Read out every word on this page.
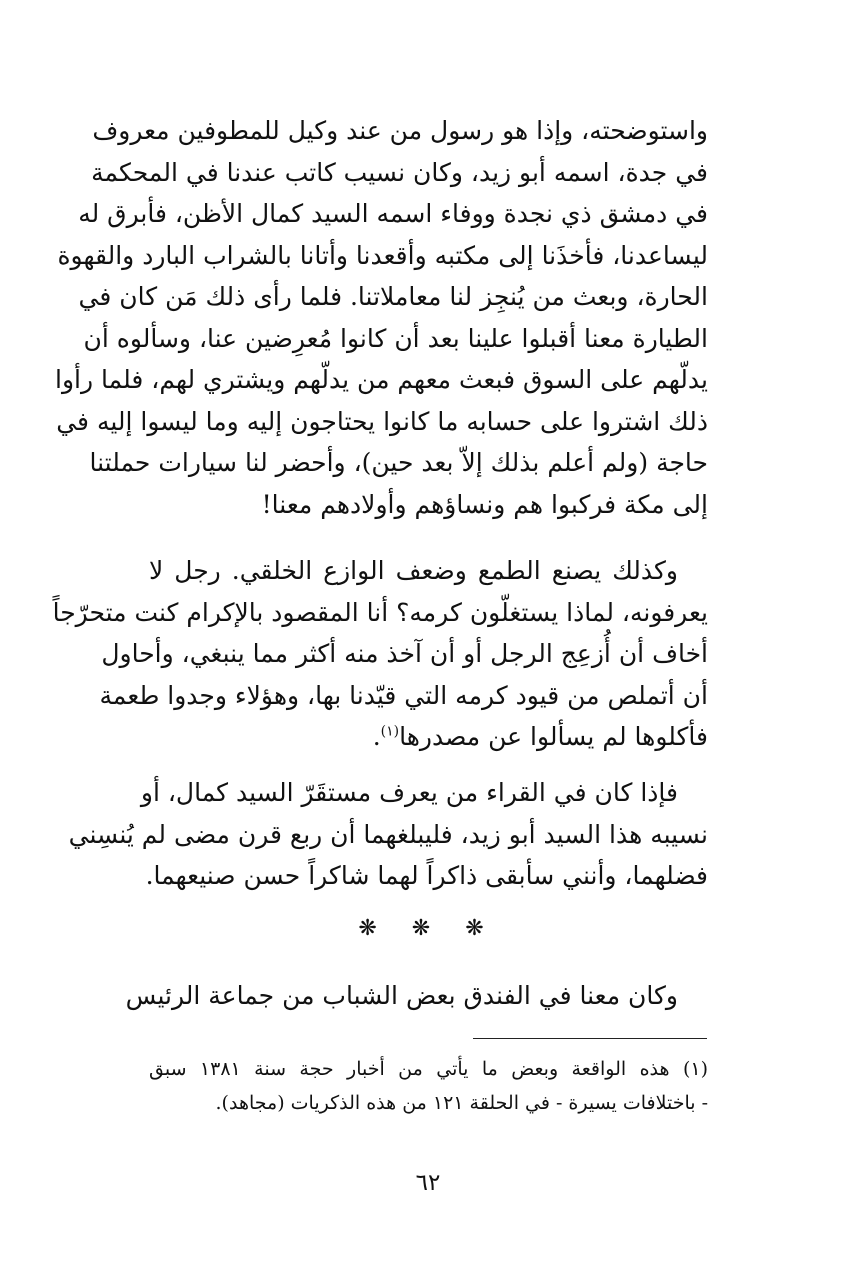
واستوضحته، وإذا هو رسول من عند وكيل للمطوفين معروف
في جدة، اسمه أبو زيد، وكان نسيب كاتب عندنا في المحكمة
في دمشق ذي نجدة ووفاء اسمه السيد كمال الأظن، فأبرق له
ليساعدنا، فأخذَنا إلى مكتبه وأقعدنا وأتانا بالشراب البارد والقهوة
الحارة، وبعث من يُنجِز لنا معاملاتنا. فلما رأى ذلك مَن كان في
الطيارة معنا أقبلوا علينا بعد أن كانوا مُعرِضين عنا، وسألوه أن
يدلّهم على السوق فبعث معهم من يدلّهم ويشتري لهم، فلما رأوا
ذلك اشتروا على حسابه ما كانوا يحتاجون إليه وما ليسوا إليه في
حاجة (ولم أعلم بذلك إلاّ بعد حين)، وأحضر لنا سيارات حملتنا
إلى مكة فركبوا هم ونساؤهم وأولادهم معنا!
وكذلك يصنع الطمع وضعف الوازع الخلقي. رجل لا
يعرفونه، لماذا يستغلّون كرمه؟ أنا المقصود بالإكرام كنت متحرّجاً
أخاف أن أُزعِج الرجل أو أن آخذ منه أكثر مما ينبغي، وأحاول
أن أتملص من قيود كرمه التي قيّدنا بها، وهؤلاء وجدوا طعمة
فأكلوها لم يسألوا عن مصدرها$^{(١)}$.
فإذا كان في القراء من يعرف مستقَرّ السيد كمال، أو
نسيبه هذا السيد أبو زيد، فليبلغهما أن ربع قرن مضى لم يُنسِني
فضلهما، وأنني سأبقى ذاكراً لهما شاكراً حسن صنيعهما.
❋ ❋ ❋
وكان معنا في الفندق بعض الشباب من جماعة الرئيس
(١) هذه الواقعة وبعض ما يأتي من أخبار حجة سنة ١٣٨١ سبق
- باختلافات يسيرة - في الحلقة ١٢١ من هذه الذكريات (مجاهد).
٦٢
